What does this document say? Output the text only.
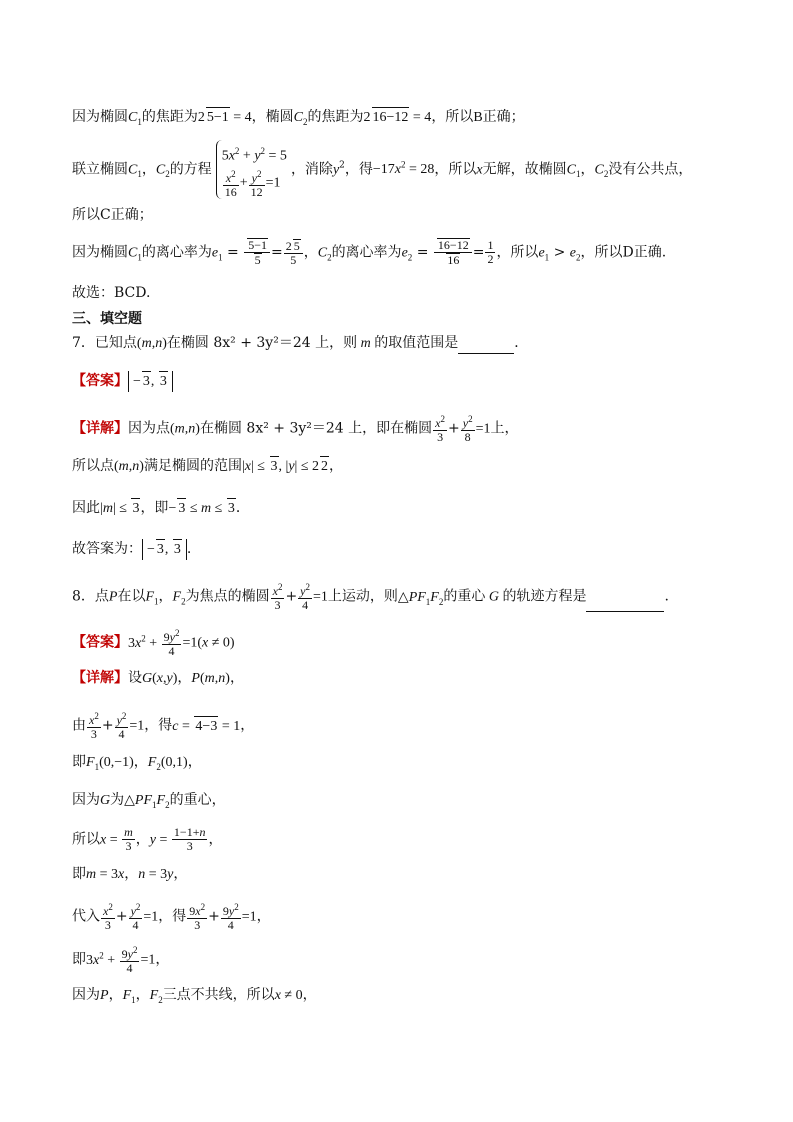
因为椭圆$C_1$的焦距为2 5−1 = 4，椭圆$C_2$的焦距为2 16−12 = 4，所以B正确；
联立椭圆$C_1$，$C_2$的方程
$5x^2 + y^2 = 5$
$\frac{x^2}{16} + \frac{y^2}{12} =1$
，消除$y^2$，得$-17x^2 = 28$，所以x无解，故椭圆$C_1$，$C_2$没有公共点，
所以C正确；
因为椭圆$C_1$的离心率为$e_1 = \frac{5-1}{5} = \frac{2 5}{5}$ ，$C_2$的离心率为$e_2 = \frac{16-12}{16} = \frac{1}{2}$ ，所以$e_1 > e_2$，所以D正确.
故选：BCD.
三、填空题
7．已知点(m,n)在椭圆 8x² + 3y²＝24 上，则 m 的取值范围是	．
【答案】 − 3, 3
【详解】因为点(m,n)在椭圆 8x² + 3y²＝24 上，即在椭圆 $\frac{x^2}{3} + \frac{y^2}{8} =1$上，
所以点(m,n)满足椭圆的范围|x| ≤ 3, |y| ≤ 2 2，
因此|m| ≤ 3，即− 3 ≤ m ≤ 3．
故答案为： − 3, 3 .
8．点P在以$F_1$，$F_2$为焦点的椭圆 $\frac{x^2}{3} + \frac{y^2}{4} =1$上运动，则$\triangle PF_1F_2$的重心 G 的轨迹方程是	.
【答案】$3x^2 + \frac{9y^2}{4} =1(x \ne 0)$
【详解】设G(x,y)，P(m,n)，
由 $\frac{x^2}{3} + \frac{y^2}{4} =1$，得c = 4−3 = 1，
即$F_1(0,-1)$，$F_2(0,1)$，
因为G为$\triangle PF_1F_2$的重心，
所以$x = \frac{m}{3}$ ，$y = \frac{1-1+n}{3}$ ，
即m = 3x，n = 3y，
代入 $\frac{x^2}{3} + \frac{y^2}{4} =1$，得 $\frac{9x^2}{3} + \frac{9y^2}{4} =1$，
即$3x^2 + \frac{9y^2}{4} =1$，
因为P，$F_1$，$F_2$三点不共线，所以x ≠ 0，
